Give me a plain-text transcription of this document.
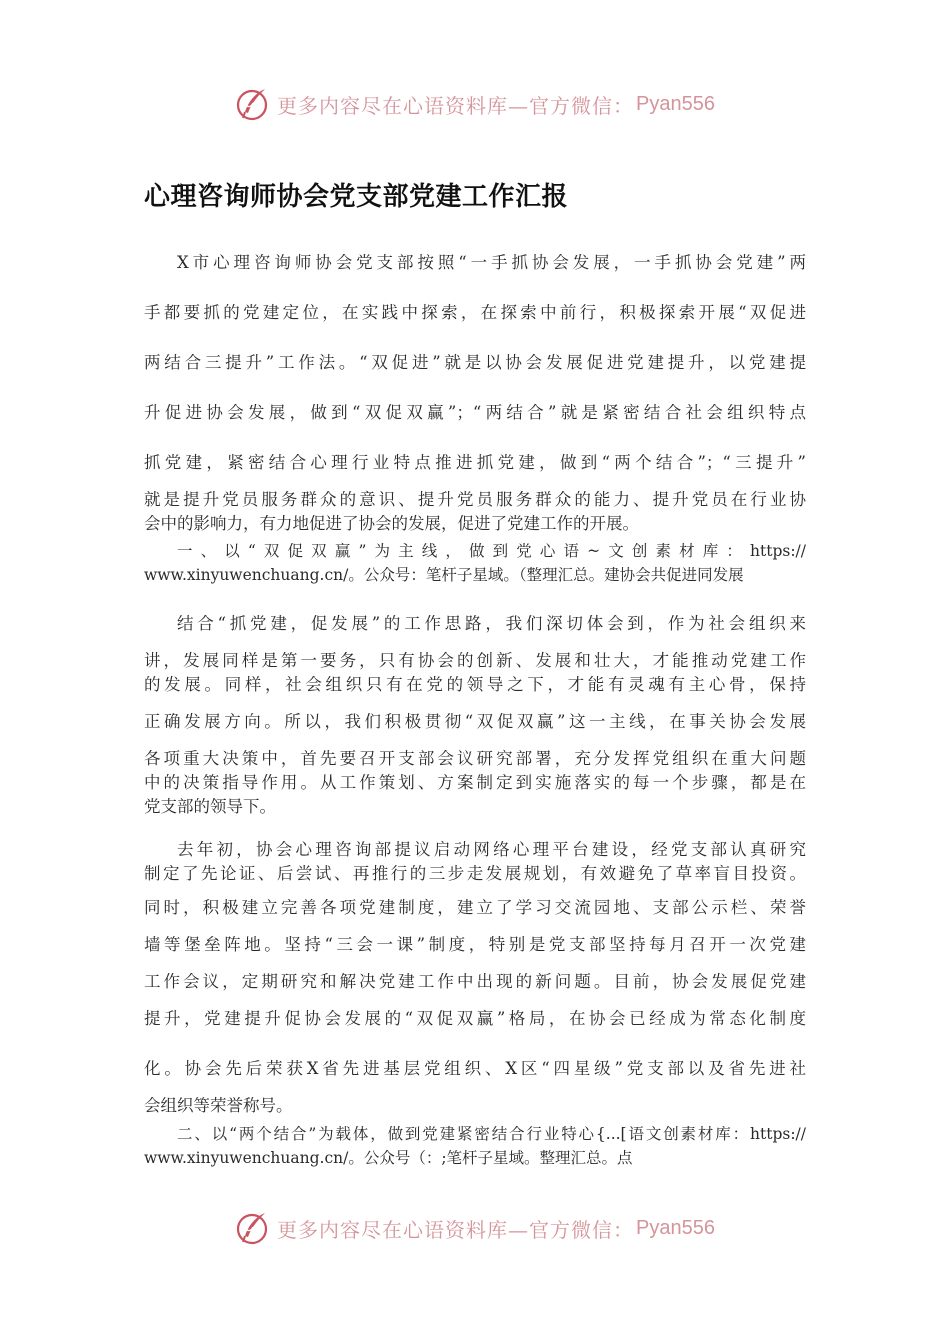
更多内容尽在心语资料库—官方微信： Pyan556
心理咨询师协会党支部党建工作汇报

X市心理咨询师协会党支部按照“一手抓协会发展，一手抓协会党建”两
手都要抓的党建定位，在实践中探索，在探索中前行，积极探索开展“双促进
两结合三提升”工作法。“双促进”就是以协会发展促进党建提升，以党建提
升促进协会发展，做到“双促双赢”；“两结合”就是紧密结合社会组织特点
抓党建，紧密结合心理行业特点推进抓党建，做到“两个结合”；“三提升”
就是提升党员服务群众的意识、提升党员服务群众的能力、提升党员在行业协
会中的影响力，有力地促进了协会的发展，促进了党建工作的开展。

一、以“双促双赢”为主线，做到党心语~文创素材库：https://
www.xinyuwenchuang.cn/。公众号：笔杆子星域。（整理汇总。建协会共促进同发展

结合“抓党建，促发展”的工作思路，我们深切体会到，作为社会组织来
讲，发展同样是第一要务，只有协会的创新、发展和壮大，才能推动党建工作
的发展。同样，社会组织只有在党的领导之下，才能有灵魂有主心骨，保持
正确发展方向。所以，我们积极贯彻“双促双赢”这一主线，在事关协会发展
各项重大决策中，首先要召开支部会议研究部署，充分发挥党组织在重大问题
中的决策指导作用。从工作策划、方案制定到实施落实的每一个步骤，都是在
党支部的领导下。

去年初，协会心理咨询部提议启动网络心理平台建设，经党支部认真研究
制定了先论证、后尝试、再推行的三步走发展规划，有效避免了草率盲目投资。
同时，积极建立完善各项党建制度，建立了学习交流园地、支部公示栏、荣誉
墙等堡垒阵地。坚持“三会一课”制度，特别是党支部坚持每月召开一次党建
工作会议，定期研究和解决党建工作中出现的新问题。目前，协会发展促党建
提升，党建提升促协会发展的“双促双赢”格局，在协会已经成为常态化制度
化。协会先后荣获X省先进基层党组织、X区“四星级”党支部以及省先进社
会组织等荣誉称号。

二、以“两个结合”为载体，做到党建紧密结合行业特心{...[语文创素材库：https://
www.xinyuwenchuang.cn/。公众号（：;笔杆子星域。整理汇总。点

更多内容尽在心语资料库—官方微信： Pyan556
